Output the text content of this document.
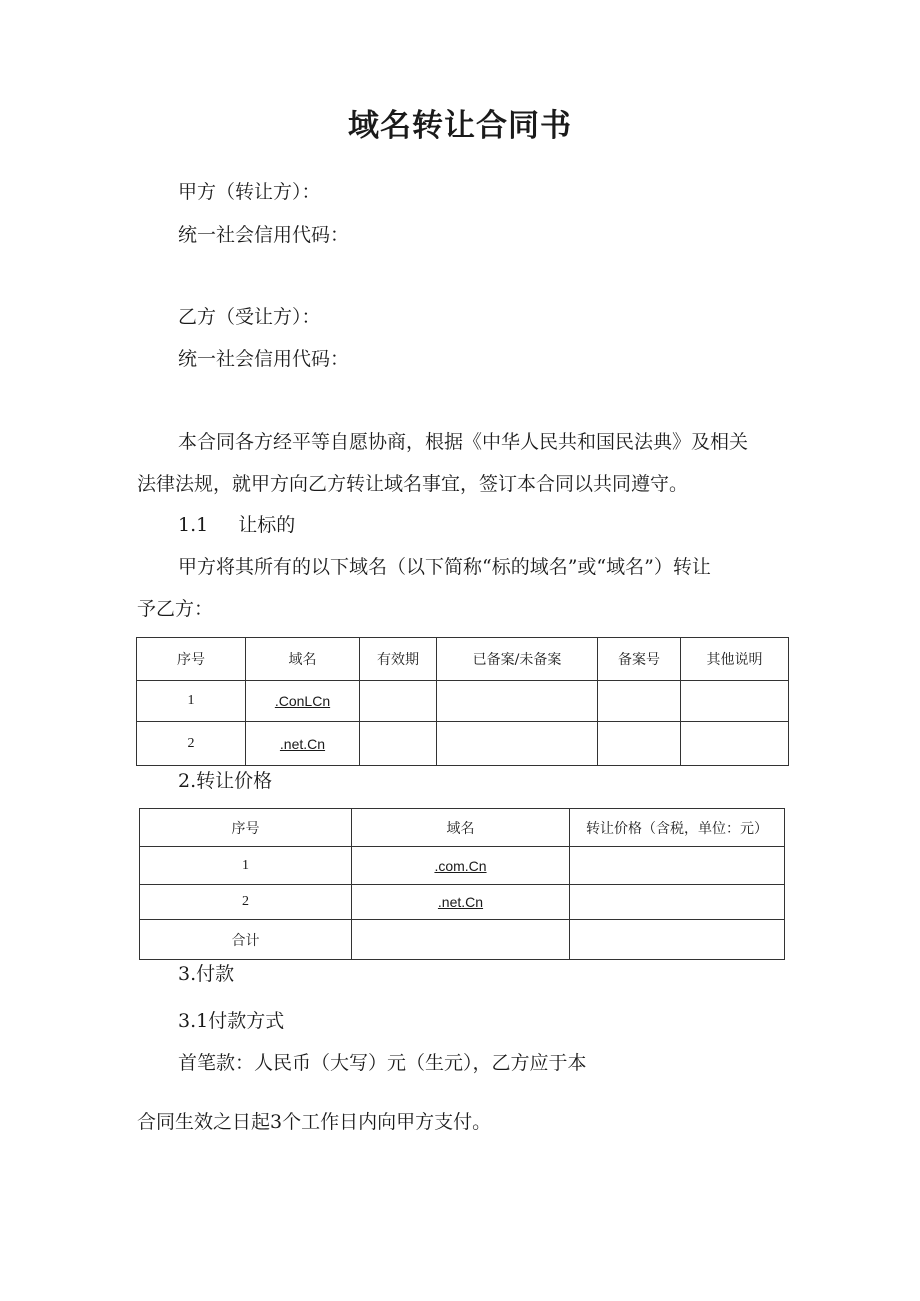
域名转让合同书
甲方（转让方）：
统一社会信用代码：
乙方（受让方）：
统一社会信用代码：
本合同各方经平等自愿协商，根据《中华人民共和国民法典》及相关
法律法规，就甲方向乙方转让域名事宜，签订本合同以共同遵守。
1.1 让标的
甲方将其所有的以下域名（以下简称“标的域名”或“域名”）转让
予乙方：
序号	域名	有效期	已备案/未备案	备案号	其他说明
1	.ConLCn				
2	.net.Cn				
2.转让价格
序号	域名	转让价格（含税，单位：元）
1	.com.Cn	
2	.net.Cn	
合计		
3.付款
3.1付款方式
首笔款：人民币（大写）元（生元），乙方应于本
合同生效之日起3个工作日内向甲方支付。
